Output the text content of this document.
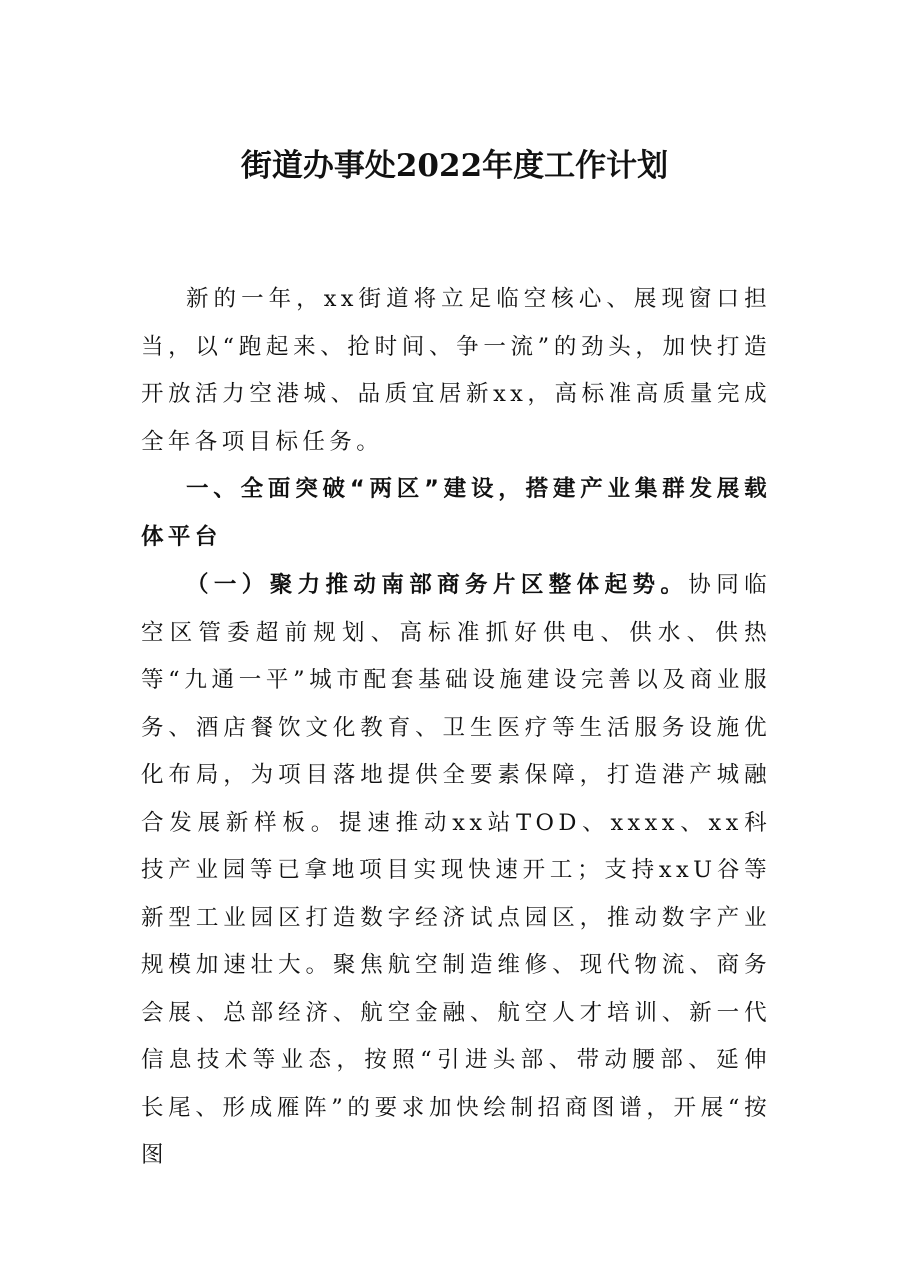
街道办事处2022年度工作计划

新的一年，xx街道将立足临空核心、展现窗口担当，以“跑起来、抢时间、争一流”的劲头，加快打造开放活力空港城、品质宜居新xx，高标准高质量完成全年各项目标任务。

一、全面突破“两区”建设，搭建产业集群发展载体平台

（一）聚力推动南部商务片区整体起势。协同临空区管委超前规划、高标准抓好供电、供水、供热等“九通一平”城市配套基础设施建设完善以及商业服务、酒店餐饮文化教育、卫生医疗等生活服务设施优化布局，为项目落地提供全要素保障，打造港产城融合发展新样板。提速推动xx站TOD、xxxx、xx科技产业园等已拿地项目实现快速开工；支持xxU谷等新型工业园区打造数字经济试点园区，推动数字产业规模加速壮大。聚焦航空制造维修、现代物流、商务会展、总部经济、航空金融、航空人才培训、新一代信息技术等业态，按照“引进头部、带动腰部、延伸长尾、形成雁阵”的要求加快绘制招商图谱，开展“按图
